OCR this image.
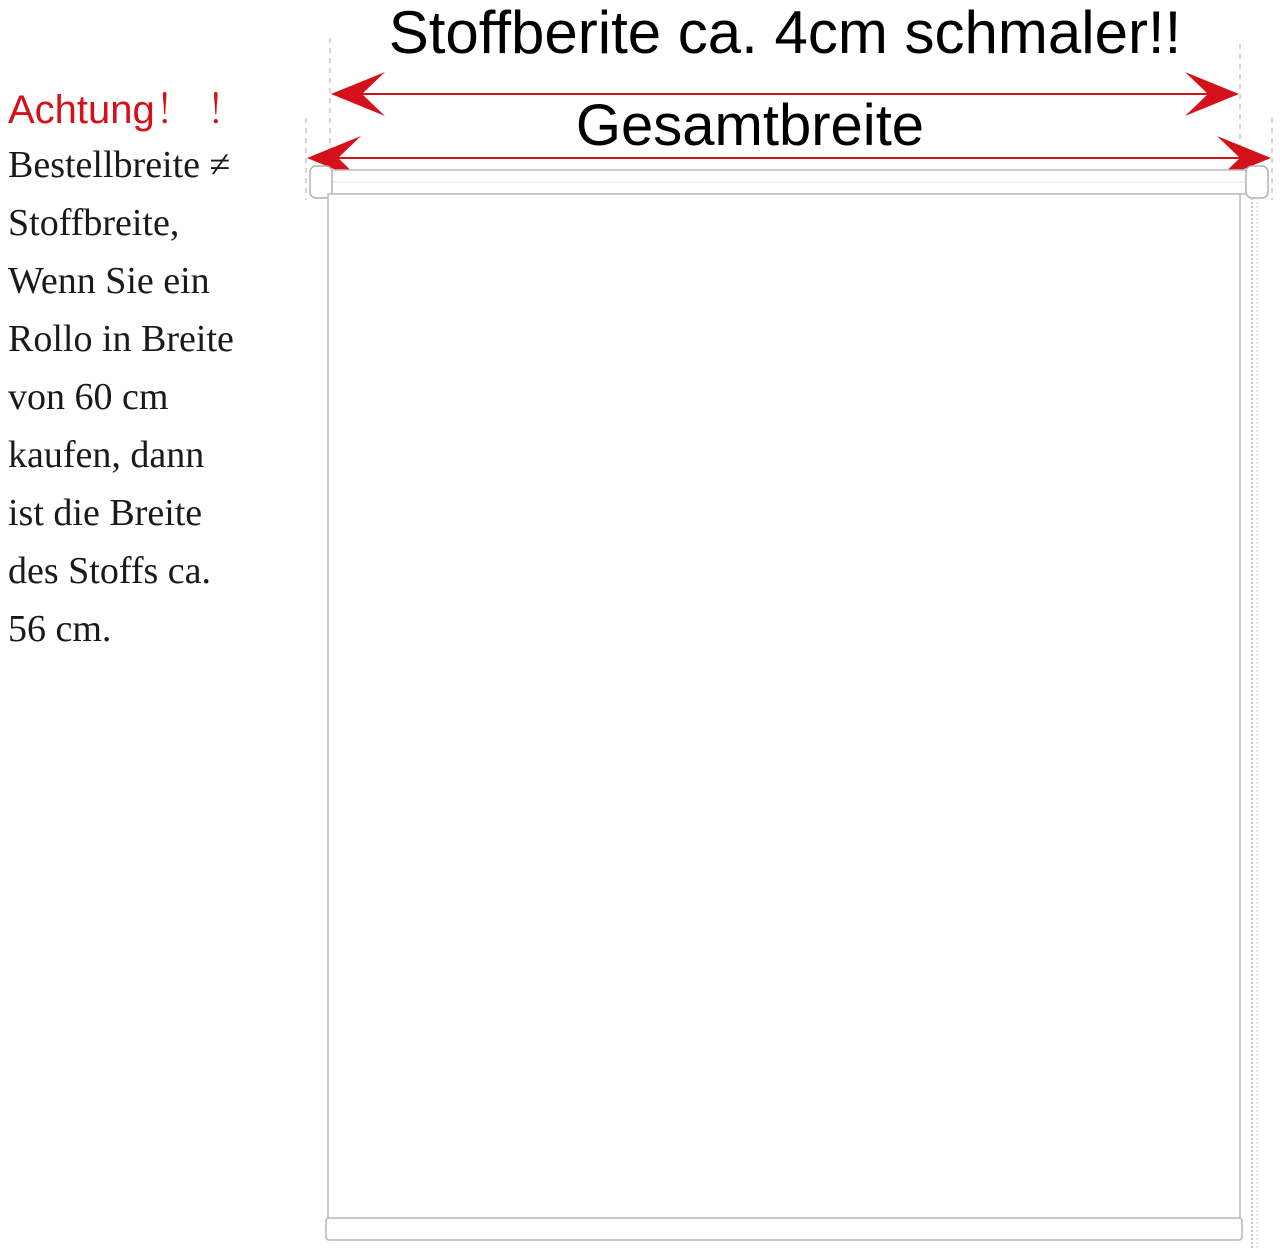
Stoffberite ca. 4cm schmaler!!
Gesamtbreite
Achtung！ ！
Bestellbreite ≠
Stoffbreite,
Wenn Sie ein
Rollo in Breite
von 60 cm
kaufen, dann
ist die Breite
des Stoffs ca.
56 cm.
